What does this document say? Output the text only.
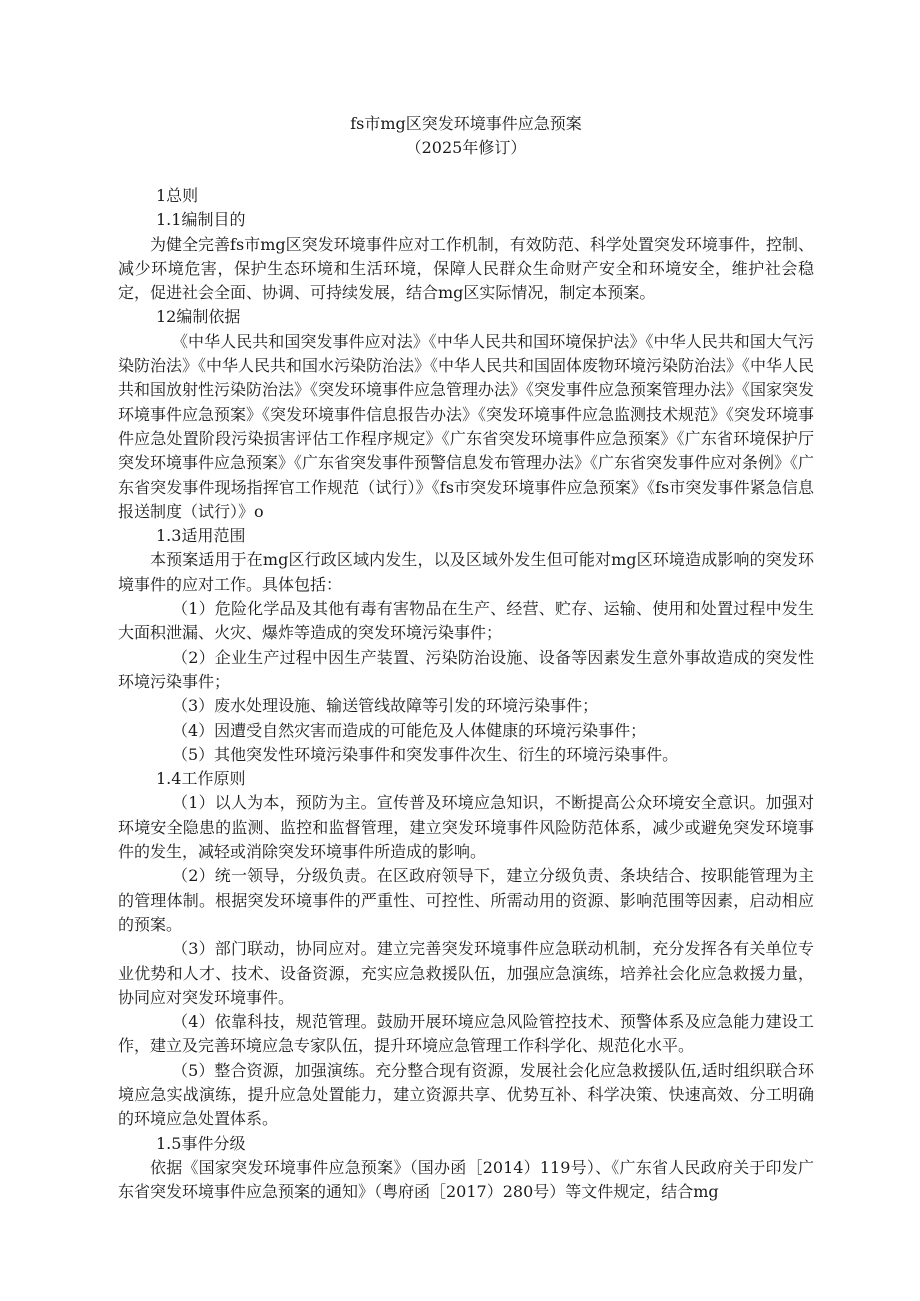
fs市mg区突发环境事件应急预案

（2025年修订）

1总则

1.1编制目的

为健全完善fs市mg区突发环境事件应对工作机制，有效防范、科学处置突发环境事件，控制、减少环境危害，保护生态环境和生活环境，保障人民群众生命财产安全和环境安全，维护社会稳定，促进社会全面、协调、可持续发展，结合mg区实际情况，制定本预案。

12编制依据

《中华人民共和国突发事件应对法》《中华人民共和国环境保护法》《中华人民共和国大气污染防治法》《中华人民共和国水污染防治法》《中华人民共和国固体废物环境污染防治法》《中华人民共和国放射性污染防治法》《突发环境事件应急管理办法》《突发事件应急预案管理办法》《国家突发环境事件应急预案》《突发环境事件信息报告办法》《突发环境事件应急监测技术规范》《突发环境事件应急处置阶段污染损害评估工作程序规定》《广东省突发环境事件应急预案》《广东省环境保护厅突发环境事件应急预案》《广东省突发事件预警信息发布管理办法》《广东省突发事件应对条例》《广东省突发事件现场指挥官工作规范（试行）》《fs市突发环境事件应急预案》《fs市突发事件紧急信息报送制度（试行）》o

1.3适用范围

本预案适用于在mg区行政区域内发生，以及区域外发生但可能对mg区环境造成影响的突发环境事件的应对工作。具体包括：

（1）危险化学品及其他有毒有害物品在生产、经营、贮存、运输、使用和处置过程中发生大面积泄漏、火灾、爆炸等造成的突发环境污染事件；

（2）企业生产过程中因生产装置、污染防治设施、设备等因素发生意外事故造成的突发性环境污染事件；

（3）废水处理设施、输送管线故障等引发的环境污染事件；

（4）因遭受自然灾害而造成的可能危及人体健康的环境污染事件；

（5）其他突发性环境污染事件和突发事件次生、衍生的环境污染事件。

1.4工作原则

（1）以人为本，预防为主。宣传普及环境应急知识，不断提高公众环境安全意识。加强对环境安全隐患的监测、监控和监督管理，建立突发环境事件风险防范体系，减少或避免突发环境事件的发生，减轻或消除突发环境事件所造成的影响。

（2）统一领导，分级负责。在区政府领导下，建立分级负责、条块结合、按职能管理为主的管理体制。根据突发环境事件的严重性、可控性、所需动用的资源、影响范围等因素，启动相应的预案。

（3）部门联动，协同应对。建立完善突发环境事件应急联动机制，充分发挥各有关单位专业优势和人才、技术、设备资源，充实应急救援队伍，加强应急演练，培养社会化应急救援力量，协同应对突发环境事件。

（4）依靠科技，规范管理。鼓励开展环境应急风险管控技术、预警体系及应急能力建设工作，建立及完善环境应急专家队伍，提升环境应急管理工作科学化、规范化水平。

（5）整合资源，加强演练。充分整合现有资源，发展社会化应急救援队伍,适时组织联合环境应急实战演练，提升应急处置能力，建立资源共享、优势互补、科学决策、快速高效、分工明确的环境应急处置体系。

1.5事件分级

依据《国家突发环境事件应急预案》（国办函［2014）119号）、《广东省人民政府关于印发广东省突发环境事件应急预案的通知》（粤府函［2017）280号）等文件规定，结合mg
